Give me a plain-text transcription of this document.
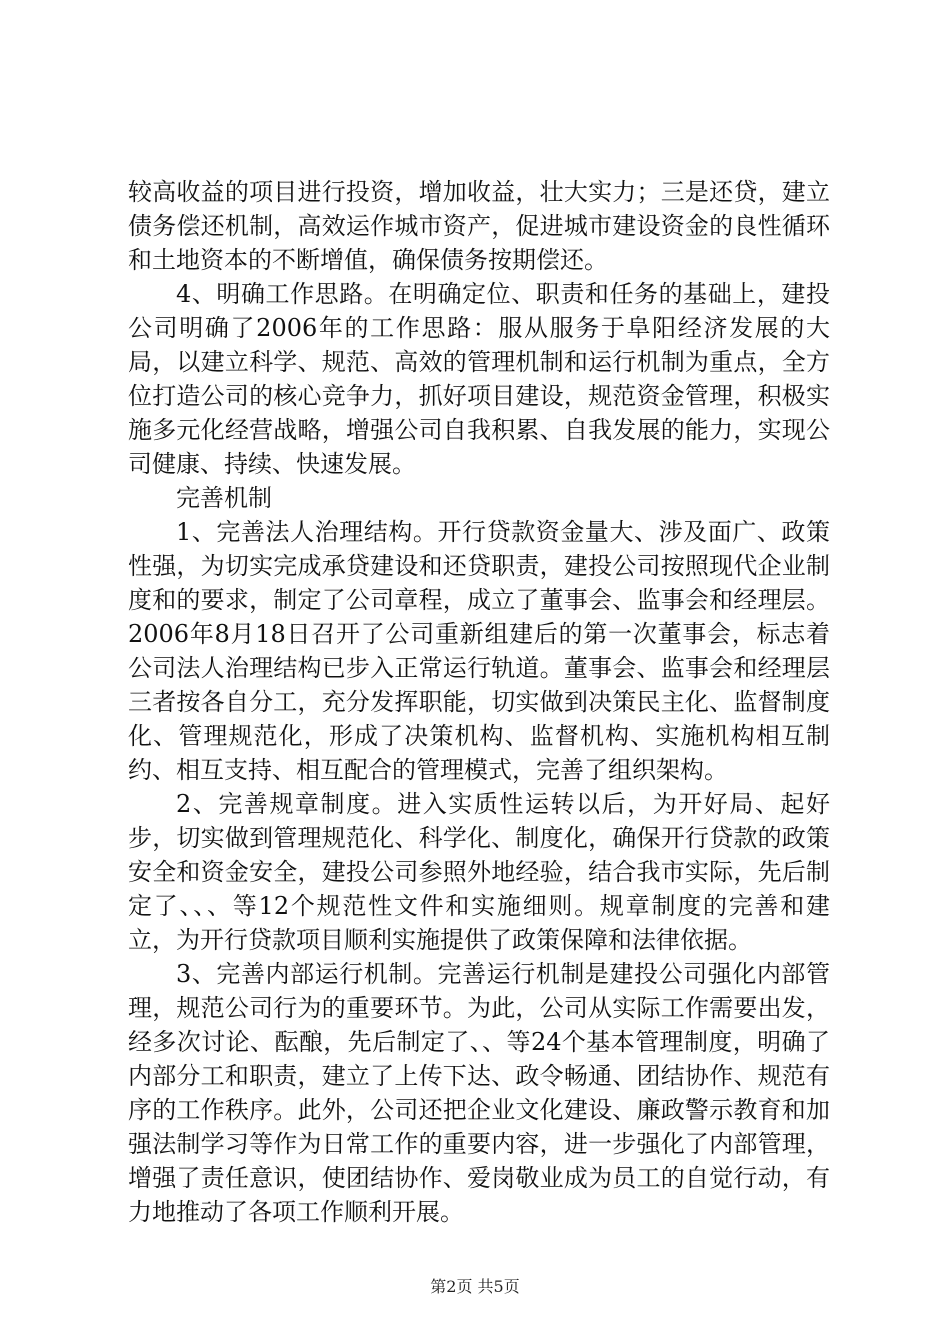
较高收益的项目进行投资，增加收益，壮大实力；三是还贷，建立债务偿还机制，高效运作城市资产，促进城市建设资金的良性循环和土地资本的不断增值，确保债务按期偿还。

4、明确工作思路。在明确定位、职责和任务的基础上，建投公司明确了2006年的工作思路：服从服务于阜阳经济发展的大局，以建立科学、规范、高效的管理机制和运行机制为重点，全方位打造公司的核心竞争力，抓好项目建设，规范资金管理，积极实施多元化经营战略，增强公司自我积累、自我发展的能力，实现公司健康、持续、快速发展。

完善机制

1、完善法人治理结构。开行贷款资金量大、涉及面广、政策性强，为切实完成承贷建设和还贷职责，建投公司按照现代企业制度和的要求，制定了公司章程，成立了董事会、监事会和经理层。2006年8月18日召开了公司重新组建后的第一次董事会，标志着公司法人治理结构已步入正常运行轨道。董事会、监事会和经理层三者按各自分工，充分发挥职能，切实做到决策民主化、监督制度化、管理规范化，形成了决策机构、监督机构、实施机构相互制约、相互支持、相互配合的管理模式，完善了组织架构。

2、完善规章制度。进入实质性运转以后，为开好局、起好步，切实做到管理规范化、科学化、制度化，确保开行贷款的政策安全和资金安全，建投公司参照外地经验，结合我市实际，先后制定了、、、等12个规范性文件和实施细则。规章制度的完善和建立，为开行贷款项目顺利实施提供了政策保障和法律依据。

3、完善内部运行机制。完善运行机制是建投公司强化内部管理，规范公司行为的重要环节。为此，公司从实际工作需要出发，经多次讨论、酝酿，先后制定了、、等24个基本管理制度，明确了内部分工和职责，建立了上传下达、政令畅通、团结协作、规范有序的工作秩序。此外，公司还把企业文化建设、廉政警示教育和加强法制学习等作为日常工作的重要内容，进一步强化了内部管理，增强了责任意识，使团结协作、爱岗敬业成为员工的自觉行动，有力地推动了各项工作顺利开展。

第2页 共5页
